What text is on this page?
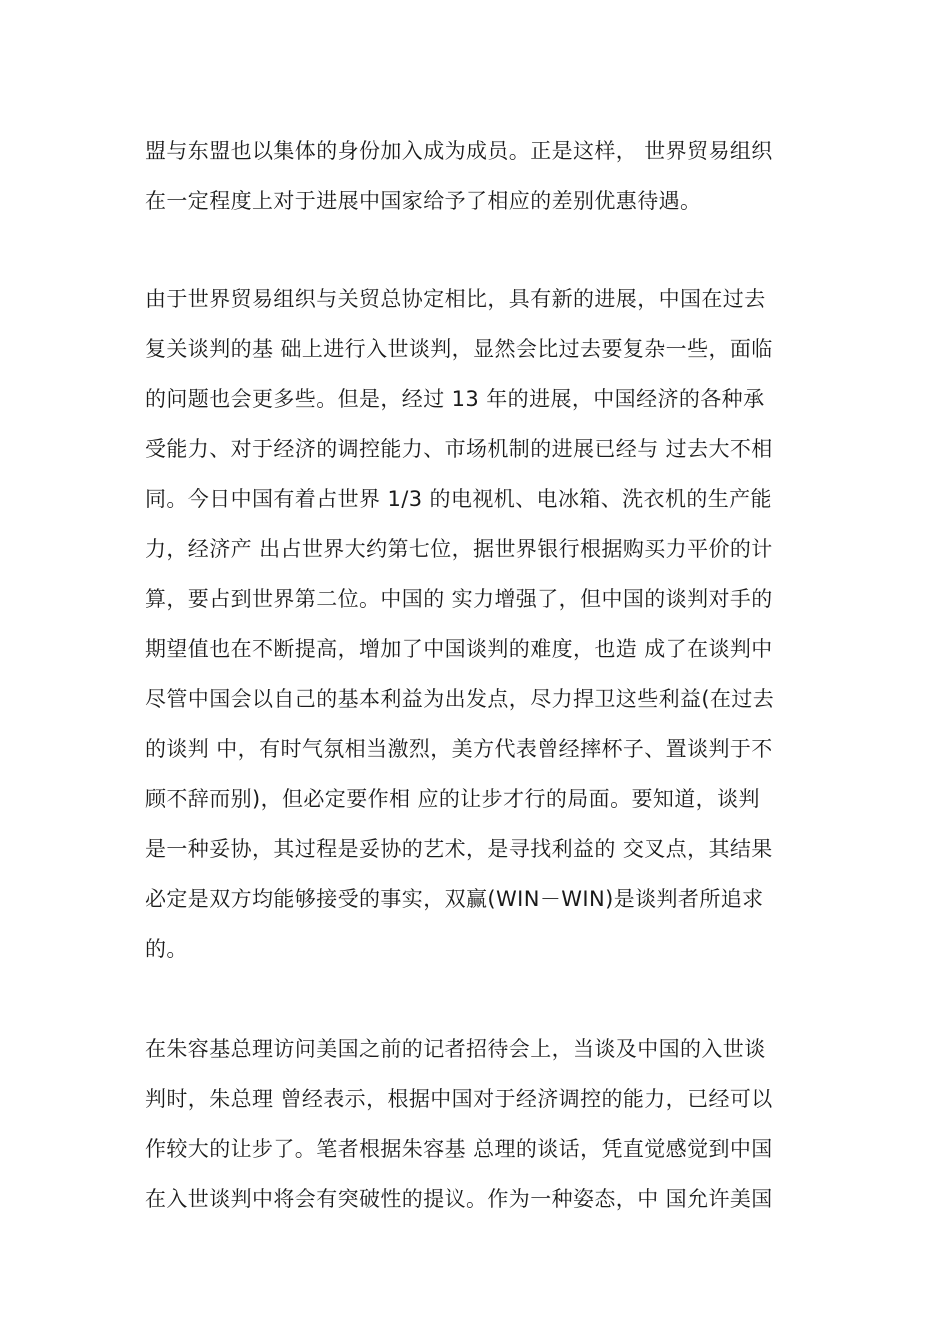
盟与东盟也以集体的身份加入成为成员。正是这样， 世界贸易组织
在一定程度上对于进展中国家给予了相应的差别优惠待遇。

由于世界贸易组织与关贸总协定相比，具有新的进展，中国在过去
复关谈判的基 础上进行入世谈判，显然会比过去要复杂一些，面临
的问题也会更多些。但是，经过 13 年的进展，中国经济的各种承
受能力、对于经济的调控能力、市场机制的进展已经与 过去大不相
同。今日中国有着占世界 1/3 的电视机、电冰箱、洗衣机的生产能
力，经济产 出占世界大约第七位，据世界银行根据购买力平价的计
算，要占到世界第二位。中国的 实力增强了，但中国的谈判对手的
期望值也在不断提高，增加了中国谈判的难度，也造 成了在谈判中
尽管中国会以自己的基本利益为出发点，尽力捍卫这些利益(在过去
的谈判 中，有时气氛相当激烈，美方代表曾经摔杯子、置谈判于不
顾不辞而别)，但必定要作相 应的让步才行的局面。要知道，谈判
是一种妥协，其过程是妥协的艺术，是寻找利益的 交叉点，其结果
必定是双方均能够接受的事实，双赢(WIN－WIN)是谈判者所追求
的。

在朱容基总理访问美国之前的记者招待会上，当谈及中国的入世谈
判时，朱总理 曾经表示，根据中国对于经济调控的能力，已经可以
作较大的让步了。笔者根据朱容基 总理的谈话，凭直觉感觉到中国
在入世谈判中将会有突破性的提议。作为一种姿态，中 国允许美国
